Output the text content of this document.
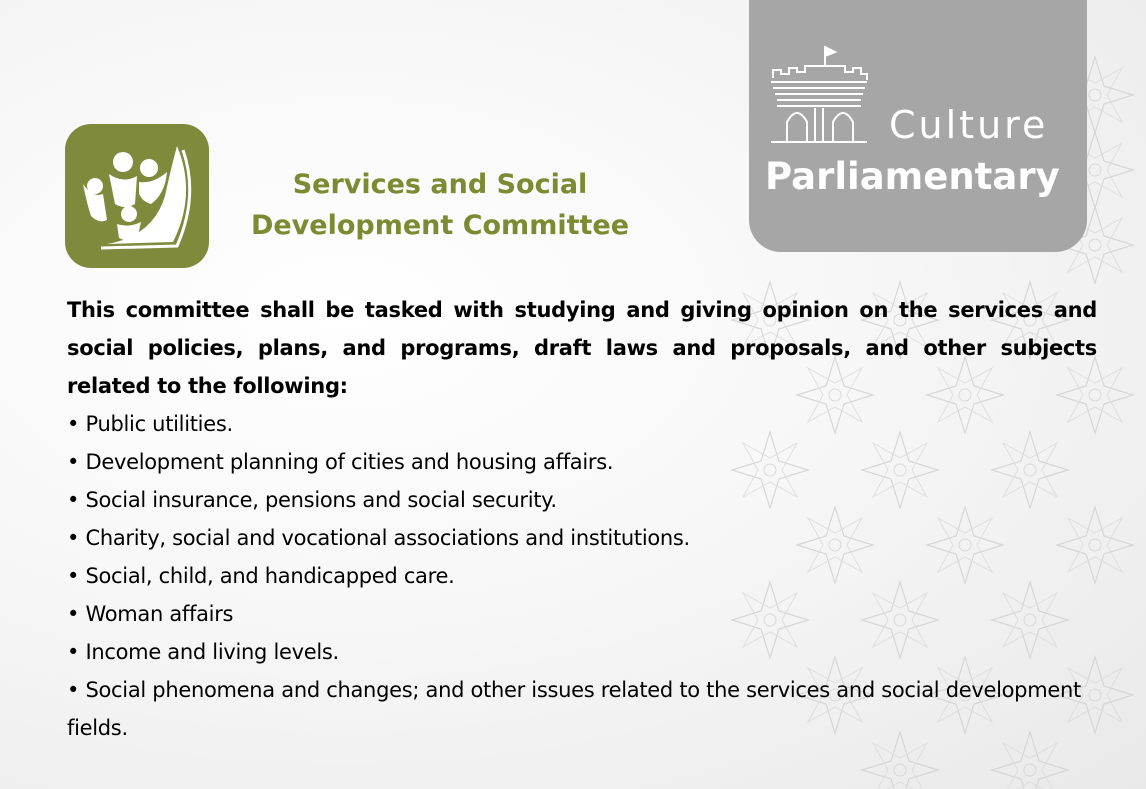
Culture
Parliamentary
Services and Social
Development Committee

This committee shall be tasked with studying and giving opinion on the services and social policies, plans, and programs, draft laws and proposals, and other subjects related to the following:

• Public utilities.
• Development planning of cities and housing affairs.
• Social insurance, pensions and social security.
• Charity, social and vocational associations and institutions.
• Social, child, and handicapped care.
• Woman affairs
• Income and living levels.
• Social phenomena and changes; and other issues related to the services and social development fields.
